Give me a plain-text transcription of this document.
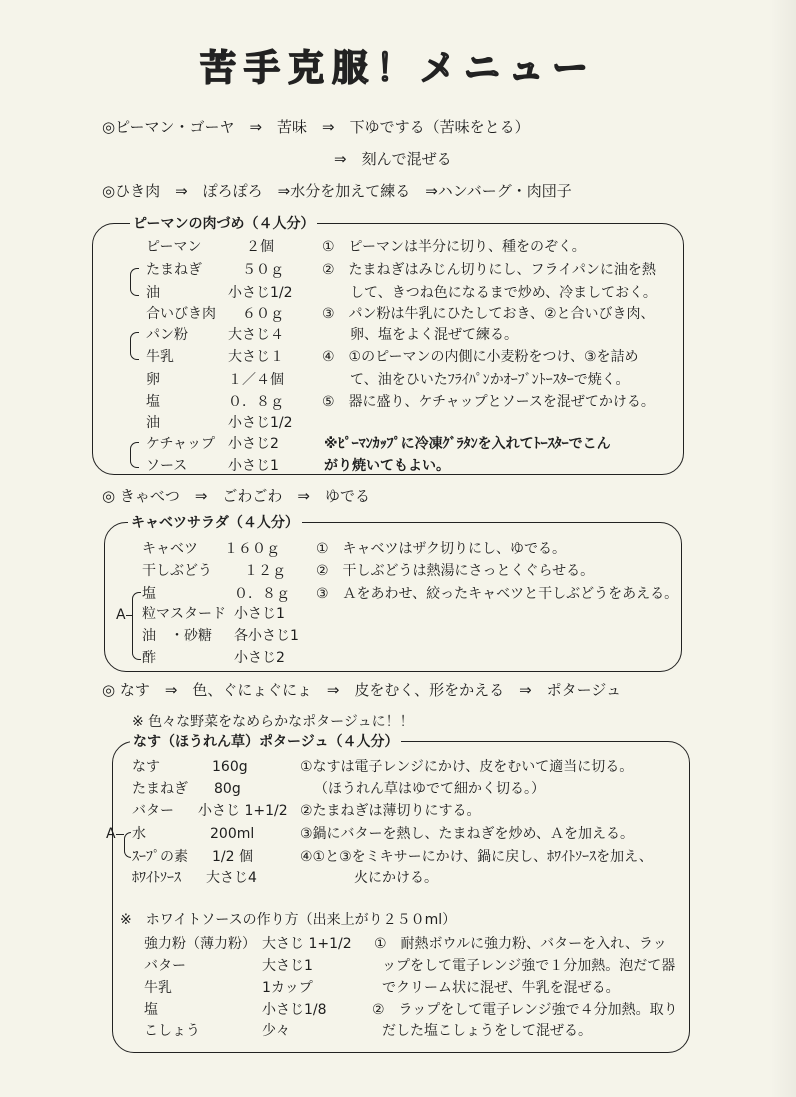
苦手克服！メニュー
◎ピーマン・ゴーヤ　⇒　苦味　⇒　下ゆでする（苦味をとる）
⇒　刻んで混ぜる
◎ひき肉　⇒　ぽろぽろ　⇒水分を加えて練る　⇒ハンバーグ・肉団子
ピーマンの肉づめ（４人分）
ピーマン	２個
たまねぎ	５０ｇ
油	小さじ1/2
合いびき肉 ６０ｇ
パン粉	大さじ４
牛乳	大さじ１
卵	１／４個
塩	０．８ｇ
油	小さじ1/2
ケチャップ 小さじ2
ソース	小さじ1
①　ピーマンは半分に切り、種をのぞく。
②　たまねぎはみじん切りにし、フライパンに油を熱
　　して、きつね色になるまで炒め、冷ましておく。
③　パン粉は牛乳にひたしておき、②と合いびき肉、
　　卵、塩をよく混ぜて練る。
④　①のピーマンの内側に小麦粉をつけ、③を詰め
　　て、油をひいたﾌﾗｲﾊﾟﾝかｵｰﾌﾞﾝﾄｰｽﾀｰで焼く。
⑤　器に盛り、ケチャップとソースを混ぜてかける。
※ﾋﾟｰﾏﾝｶｯﾌﾟに冷凍ｸﾞﾗﾀﾝを入れてﾄｰｽﾀｰでこん
がり焼いてもよい。
◎ きゃべつ　⇒　ごわごわ　⇒　ゆでる
キャベツサラダ（４人分）
キャベツ １６０ｇ
干しぶどう １２ｇ
塩	０．８ｇ
粒マスタード 小さじ1
油　・砂糖 各小さじ1
酢	小さじ2
A
①　キャベツはザク切りにし、ゆでる。
②　干しぶどうは熱湯にさっとくぐらせる。
③　Ａをあわせ、絞ったキャベツと干しぶどうをあえる。
◎ なす　⇒　色、ぐにょぐにょ　⇒　皮をむく、形をかえる　⇒　ポタージュ
※ 色々な野菜をなめらかなポタージュに！！
なす（ほうれん草）ポタージュ（４人分）
なす	160g
たまねぎ 80g
バター 小さじ 1+1/2
水	200ml
ｽｰﾌﾟの素 1/2 個
ﾎﾜｲﾄｿｰｽ 大さじ4
A
①なすは電子レンジにかけ、皮をむいて適当に切る。
（ほうれん草はゆでて細かく切る。）
②たまねぎは薄切りにする。
③鍋にバターを熱し、たまねぎを炒め、Ａを加える。
④①と③をミキサーにかけ、鍋に戻し、ﾎﾜｲﾄｿｰｽを加え、
火にかける。
※　ホワイトソースの作り方（出来上がり２５０ml）
強力粉（薄力粉） 大さじ 1+1/2
バター	大さじ1
牛乳	1カップ
塩	小さじ1/8
こしょう	少々
①　耐熱ボウルに強力粉、バターを入れ、ラッ
ップをして電子レンジ強で１分加熱。泡だて器
でクリーム状に混ぜ、牛乳を混ぜる。
②　ラップをして電子レンジ強で４分加熱。取り
だした塩こしょうをして混ぜる。
